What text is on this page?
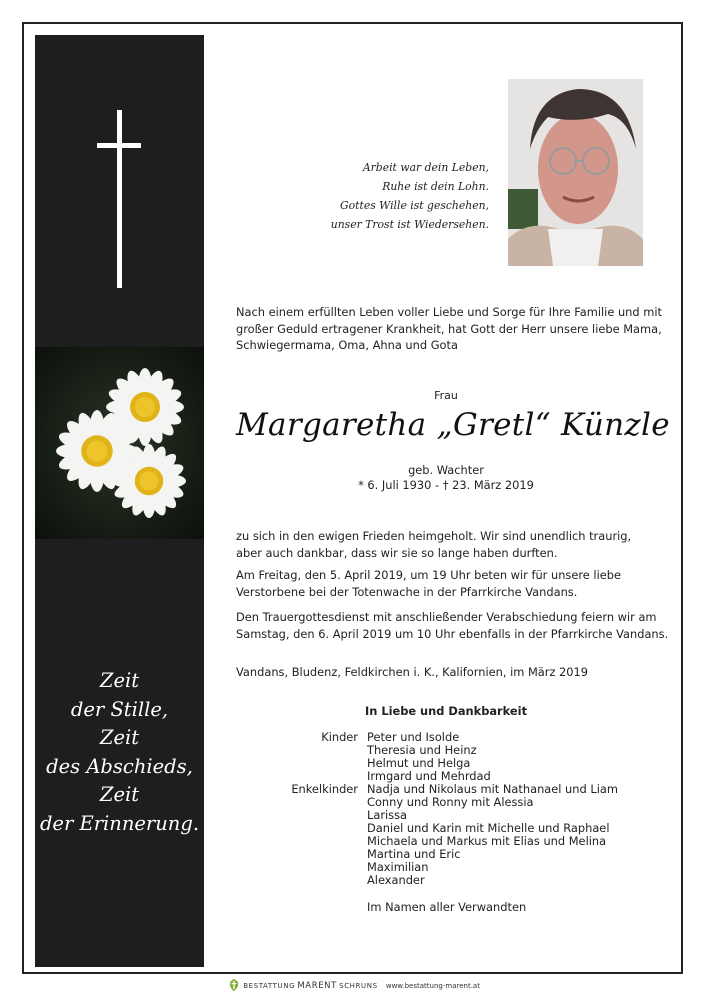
Zeit
der Stille,
Zeit
des Abschieds,
Zeit
der Erinnerung.
Arbeit war dein Leben,
Ruhe ist dein Lohn.
Gottes Wille ist geschehen,
unser Trost ist Wiedersehen.
Nach einem erfüllten Leben voller Liebe und Sorge für Ihre Familie und mit
großer Geduld ertragener Krankheit, hat Gott der Herr unsere liebe Mama,
Schwiegermama, Oma, Ahna und Gota
Frau
Margaretha „Gretl“ Künzle
geb. Wachter
* 6. Juli 1930 - † 23. März 2019
zu sich in den ewigen Frieden heimgeholt. Wir sind unendlich traurig,
aber auch dankbar, dass wir sie so lange haben durften.
Am Freitag, den 5. April 2019, um 19 Uhr beten wir für unsere liebe
Verstorbene bei der Totenwache in der Pfarrkirche Vandans.
Den Trauergottesdienst mit anschließender Verabschiedung feiern wir am
Samstag, den 6. April 2019 um 10 Uhr ebenfalls in der Pfarrkirche Vandans.
Vandans, Bludenz, Feldkirchen i. K., Kalifornien, im März 2019
In Liebe und Dankbarkeit
Kinder Peter und Isolde
Theresia und Heinz
Helmut und Helga
Irmgard und Mehrdad
Enkelkinder Nadja und Nikolaus mit Nathanael und Liam
Conny und Ronny mit Alessia
Larissa
Daniel und Karin mit Michelle und Raphael
Michaela und Markus mit Elias und Melina
Martina und Eric
Maximilian
Alexander
Im Namen aller Verwandten
BESTATTUNG MARENT SCHRUNS www.bestattung-marent.at
